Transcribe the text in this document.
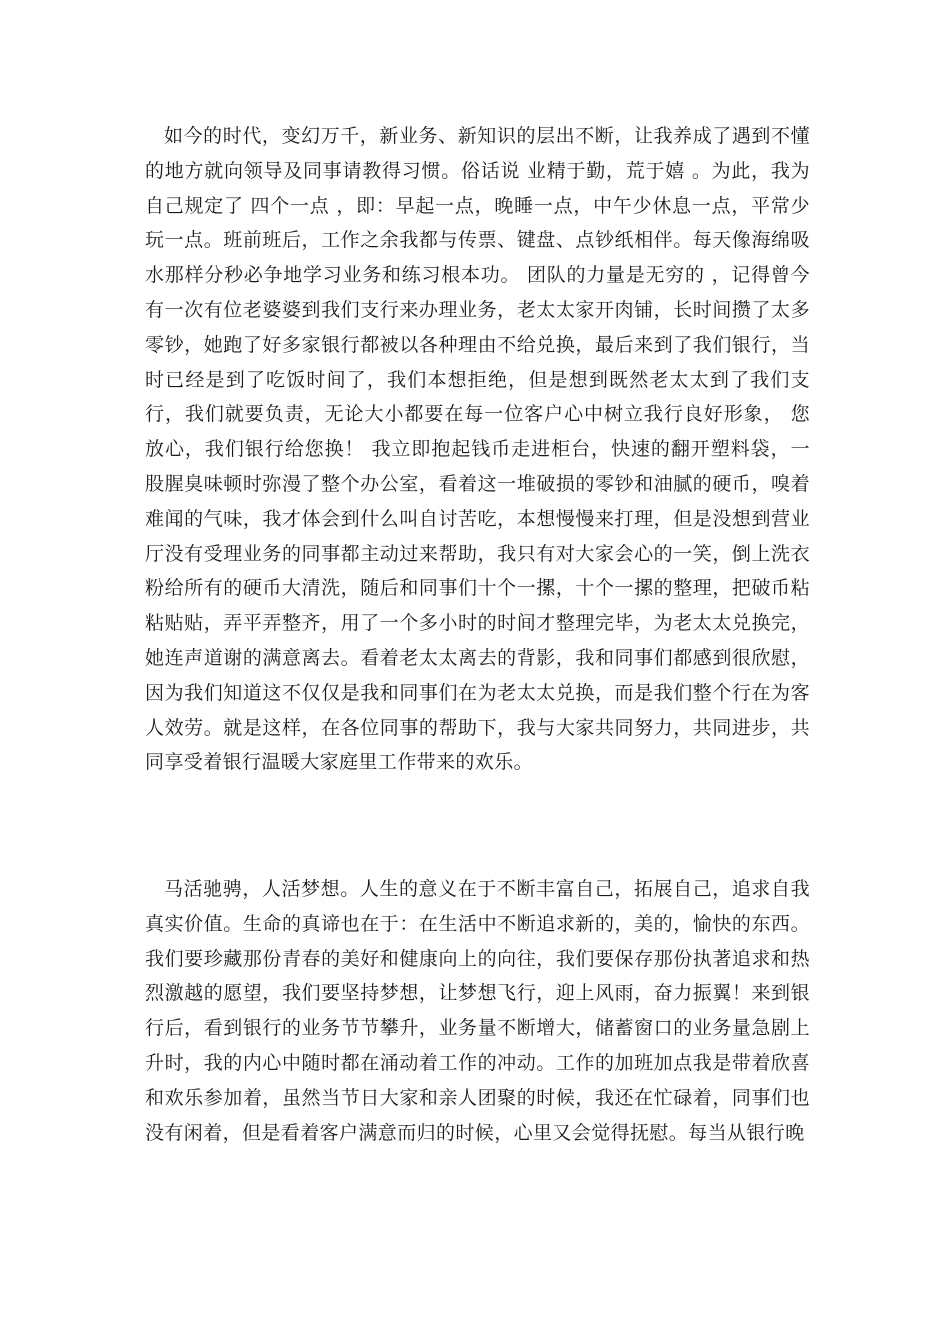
如今的时代，变幻万千，新业务、新知识的层出不断，让我养成了遇到不懂的地方就向领导及同事请教得习惯。俗话说 业精于勤，荒于嬉 。为此，我为自己规定了 四个一点 ，即：早起一点，晚睡一点，中午少休息一点，平常少玩一点。班前班后，工作之余我都与传票、键盘、点钞纸相伴。每天像海绵吸水那样分秒必争地学习业务和练习根本功。 团队的力量是无穷的 ，记得曾今有一次有位老婆婆到我们支行来办理业务，老太太家开肉铺，长时间攒了太多零钞，她跑了好多家银行都被以各种理由不给兑换，最后来到了我们银行，当时已经是到了吃饭时间了，我们本想拒绝，但是想到既然老太太到了我们支行，我们就要负责，无论大小都要在每一位客户心中树立我行良好形象， 您放心，我们银行给您换！ 我立即抱起钱币走进柜台，快速的翻开塑料袋，一股腥臭味顿时弥漫了整个办公室，看着这一堆破损的零钞和油腻的硬币，嗅着难闻的气味，我才体会到什么叫自讨苦吃，本想慢慢来打理，但是没想到营业厅没有受理业务的同事都主动过来帮助，我只有对大家会心的一笑，倒上洗衣粉给所有的硬币大清洗，随后和同事们十个一摞，十个一摞的整理，把破币粘粘贴贴，弄平弄整齐，用了一个多小时的时间才整理完毕，为老太太兑换完，她连声道谢的满意离去。看着老太太离去的背影，我和同事们都感到很欣慰，因为我们知道这不仅仅是我和同事们在为老太太兑换，而是我们整个行在为客人效劳。就是这样，在各位同事的帮助下，我与大家共同努力，共同进步，共同享受着银行温暖大家庭里工作带来的欢乐。

马活驰骋，人活梦想。人生的意义在于不断丰富自己，拓展自己，追求自我真实价值。生命的真谛也在于：在生活中不断追求新的，美的，愉快的东西。我们要珍藏那份青春的美好和健康向上的向往，我们要保存那份执著追求和热烈激越的愿望，我们要坚持梦想，让梦想飞行，迎上风雨，奋力振翼！来到银行后，看到银行的业务节节攀升，业务量不断增大，储蓄窗口的业务量急剧上升时，我的内心中随时都在涌动着工作的冲动。工作的加班加点我是带着欣喜和欢乐参加着，虽然当节日大家和亲人团聚的时候，我还在忙碌着，同事们也没有闲着，但是看着客户满意而归的时候，心里又会觉得抚慰。每当从银行晚
